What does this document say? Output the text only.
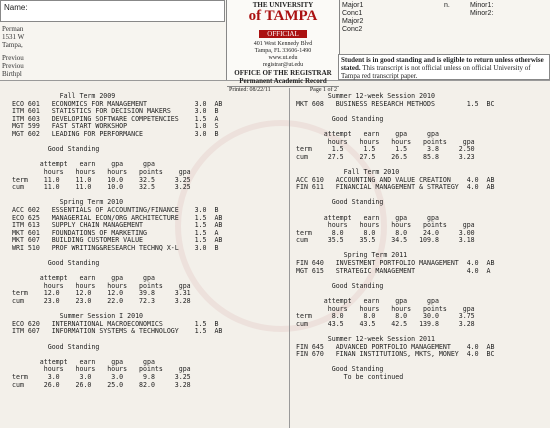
Name:
Perman
1531 W
Tampa,
Previou
Previou
Birthpl
THE UNIVERSITY
of TAMPA
OFFICIAL
401 West Kennedy Blvd
Tampa, FL 33606-1490
www.ut.edu
registrar@ut.edu
OFFICE OF THE REGISTRAR
Permanent Academic Record
Printed: 08/22/11	Page 1 of 2
Major1
Conc1
Major2
Conc2
n.	Minor1:
Minor2:
Student is in good standing and is eligible to return unless otherwise stated. This transcript is not official unless on official University of Tampa red transcript paper.
Fall Term 2009
ECO 601   ECONOMICS FOR MANAGEMENT            3.0  AB
ITM 601   STATISTICS FOR DECISION MAKERS      3.0  B
ITM 603   DEVELOPING SOFTWARE COMPETENCIES    1.5  A
MGT 599   FAST START WORKSHOP                 1.0  S
MGT 602   LEADING FOR PERFORMANCE             3.0  B
Good Standing
attempt   earn    gpa     gpa
hours   hours   hours   points    gpa
term    11.0    11.0    10.0    32.5     3.25
cum     11.0    11.0    10.0    32.5     3.25
Spring Term 2010
ACC 602   ESSENTIALS OF ACCOUNTING/FINANCE    3.0  B
ECO 625   MANAGERIAL ECON/ORG ARCHITECTURE    1.5  AB
ITM 613   SUPPLY CHAIN MANAGEMENT             1.5  AB
MKT 601   FOUNDATIONS OF MARKETING            1.5  A
MKT 607   BUILDING CUSTOMER VALUE             1.5  AB
WRI 510   PROF WRITING&RESEARCH TECHNQ X-L    3.0  B
Good Standing
attempt   earn    gpa     gpa
hours   hours   hours   points    gpa
term    12.0    12.0    12.0    39.8     3.31
cum     23.0    23.0    22.0    72.3     3.28
Summer Session I 2010
ECO 620   INTERNATIONAL MACROECONOMICS        1.5  B
ITM 607   INFORMATION SYSTEMS & TECHNOLOGY    1.5  AB
Good Standing
attempt   earn    gpa     gpa
hours   hours   hours   points    gpa
term     3.0     3.0     3.0     9.8     3.25
cum     26.0    26.0    25.0    82.0     3.28
Summer 12-week Session 2010
MKT 608   BUSINESS RESEARCH METHODS        1.5  BC
Good Standing
attempt   earn    gpa     gpa
hours   hours   hours   points    gpa
term     1.5     1.5     1.5     3.8     2.50
cum     27.5    27.5    26.5    85.8     3.23
Fall Term 2010
ACC 610   ACCOUNTING AND VALUE CREATION    4.0  AB
FIN 611   FINANCIAL MANAGEMENT & STRATEGY  4.0  AB
Good Standing
attempt   earn    gpa     gpa
hours   hours   hours   points    gpa
term     8.0     8.0     8.0    24.0     3.00
cum     35.5    35.5    34.5   109.8     3.18
Spring Term 2011
FIN 640   INVESTMENT PORTFOLIO MANAGEMENT  4.0  AB
MGT 615   STRATEGIC MANAGEMENT             4.0  A
Good Standing
attempt   earn    gpa     gpa
hours   hours   hours   points    gpa
term     8.0     8.0     8.0    30.0     3.75
cum     43.5    43.5    42.5   139.8     3.28
Summer 12-week Session 2011
FIN 645   ADVANCED PORTFOLIO MANAGEMENT    4.0  AB
FIN 670   FINAN INSTITUTIONS, MKTS, MONEY  4.0  BC
Good Standing
To be continued
